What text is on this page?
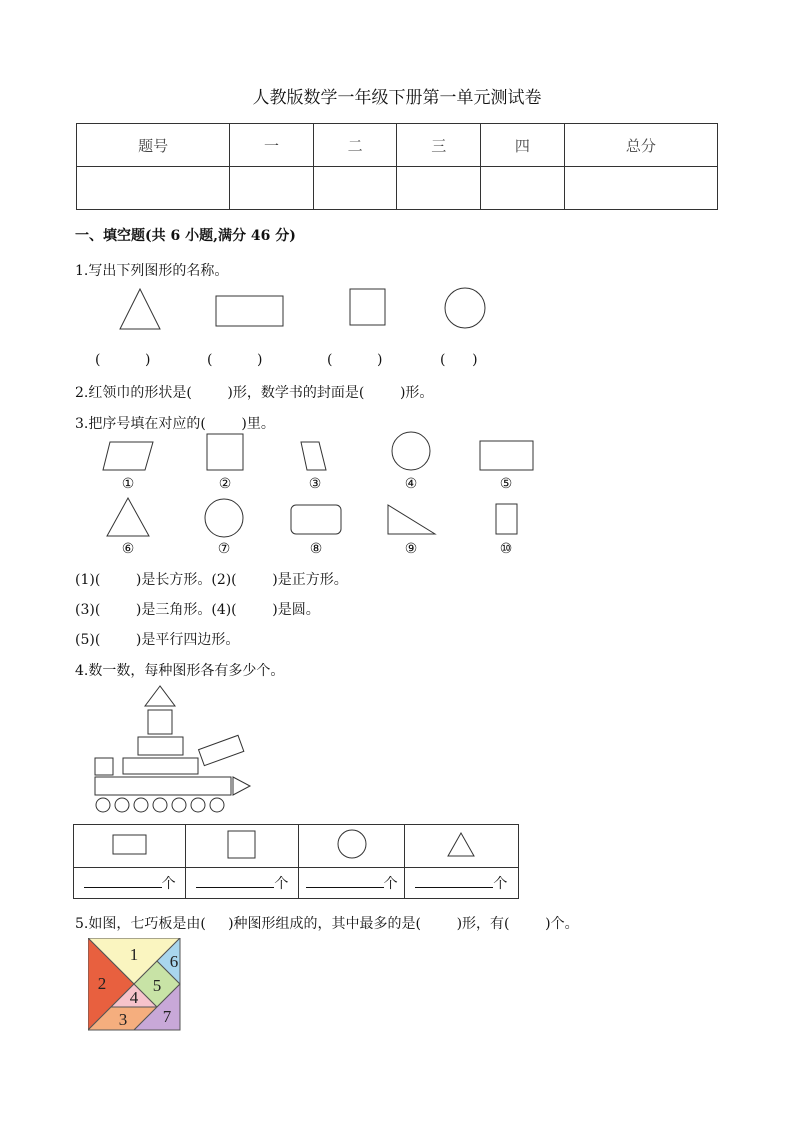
人教版数学一年级下册第一单元测试卷
题号	一	二	三	四	总分

一、填空题(共 6 小题,满分 46 分)
1.写出下列图形的名称。
(          )	(          )	(          )	(      )
2.红领巾的形状是(        )形，数学书的封面是(        )形。
3.把序号填在对应的(        )里。
①	②	③	④	⑤
⑥	⑦	⑧	⑨	⑩
(1)(        )是长方形。(2)(        )是正方形。
(3)(        )是三角形。(4)(        )是圆。
(5)(        )是平行四边形。
4.数一数，每种图形各有多少个。

个	个	个	个
5.如图，七巧板是由(     )种图形组成的，其中最多的是(        )形，有(        )个。
1
2
3
4
5
6
7
